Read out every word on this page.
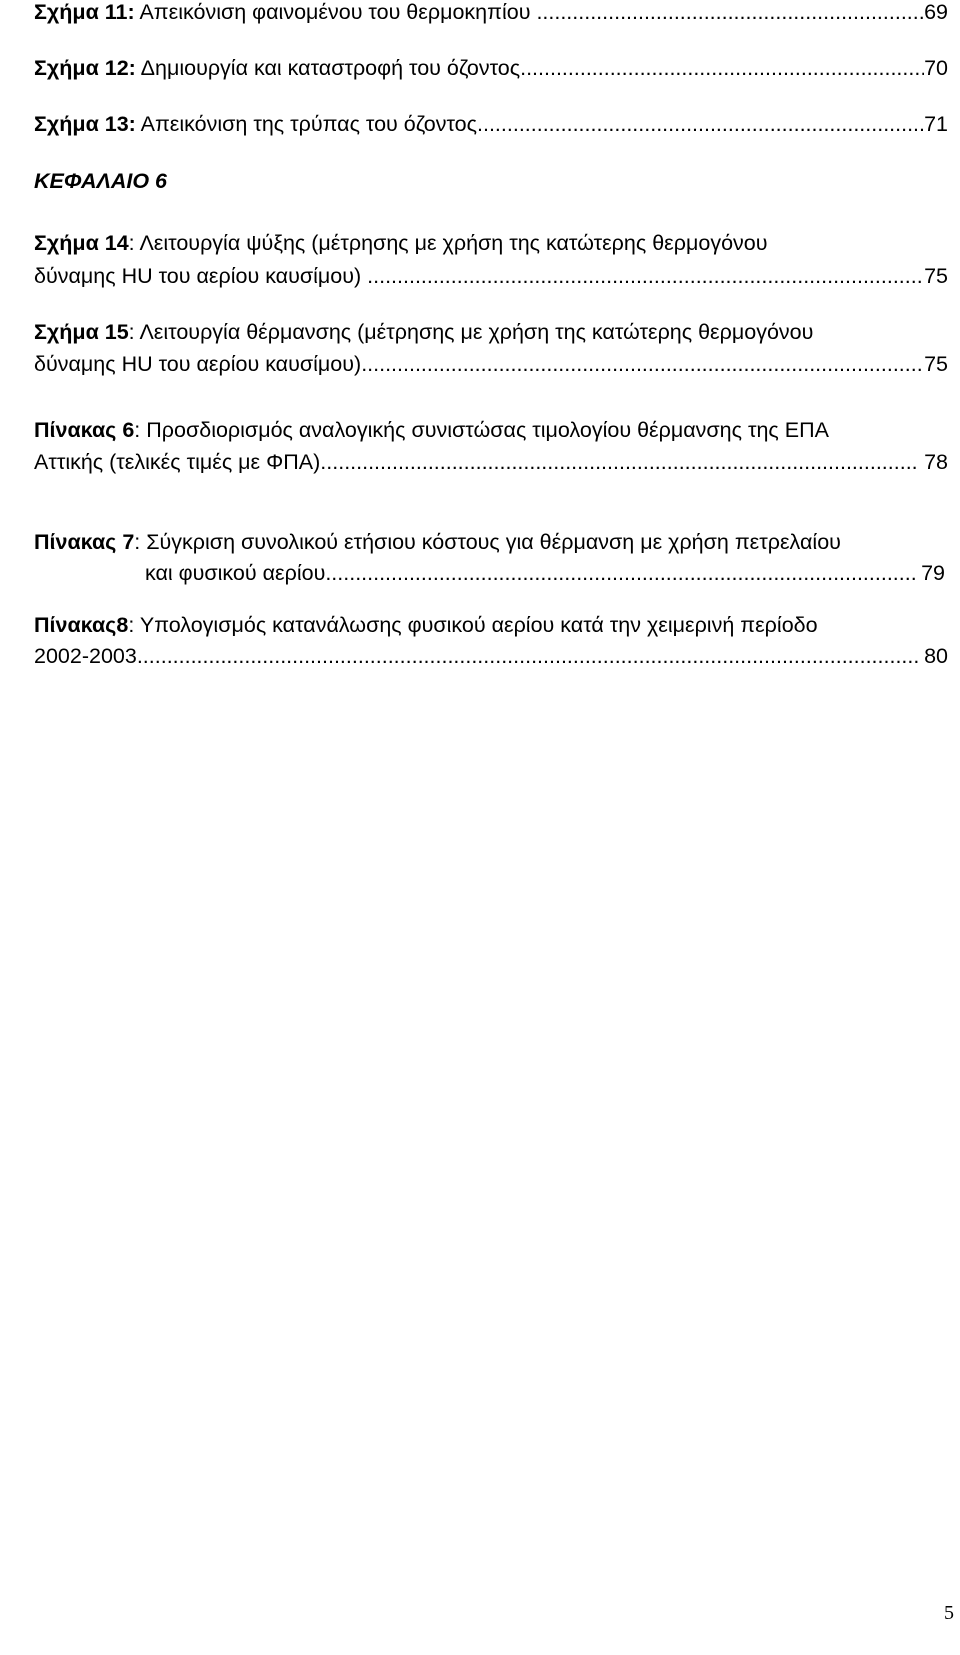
Σχήμα 11 : Απεικόνιση φαινομένου του θερμοκηπίου .....	69
Σχήμα 12 : Δημιουργία και καταστροφή του όζοντος .....	70
Σχήμα 13 : Απεικόνιση της τρύπας του όζοντος .....	71
ΚΕΦΑΛΑΙΟ 6
Σχήμα 14: Λειτουργία ψύξης (μέτρησης με χρήση της κατώτερης θερμογόνου
δύναμης HU του αερίου καυσίμου) .....	75
Σχήμα 15: Λειτουργία θέρμανσης (μέτρησης με χρήση της κατώτερης θερμογόνου
δύναμης HU του αερίου καυσίμου) .....	75
Πίνακας 6: Προσδιορισμός αναλογικής συνιστώσας τιμολογίου θέρμανσης της ΕΠΑ
Αττικής (τελικές τιμές με ΦΠΑ) .....	78
Πίνακας 7: Σύγκριση συνολικού ετήσιου κόστους για θέρμανση με χρήση πετρελαίου
και φυσικού αερίου .....	79
Πίνακας8: Υπολογισμός κατανάλωσης φυσικού αερίου κατά την χειμερινή περίοδο
2002-2003 .....	80
5
